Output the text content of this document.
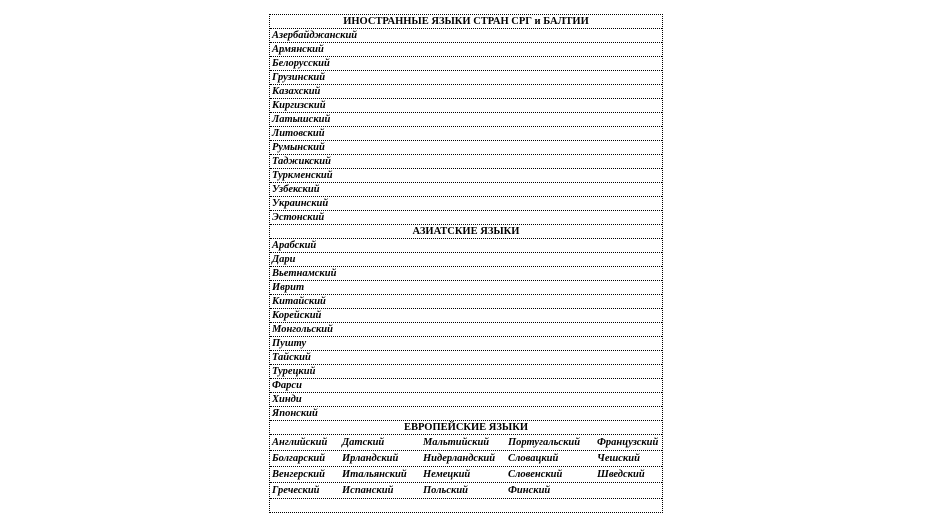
ИНОСТРАННЫЕ ЯЗЫКИ СТРАН СРГ и БАЛТИИ
Азербайджанский
Армянский
Белорусский
Грузинский
Казахский
Киргизский
Латышский
Литовский
Румынский
Таджикский
Туркменский
Узбекский
Украинский
Эстонский
АЗИАТСКИЕ ЯЗЫКИ
Арабский
Дари
Вьетнамский
Иврит
Китайский
Корейский
Монгольский
Пушту
Тайский
Турецкий
Фарси
Хинди
Японский
ЕВРОПЕЙСКИЕ ЯЗЫКИ
Английский Датский	Мальтийский Португальский Французский
Болгарский Ирландский Нидерландский Словацкий	Чешский
Венгерский Итальянский Немецкий	Словенский	Шведский
Греческий Испанский	Польский	Финский
